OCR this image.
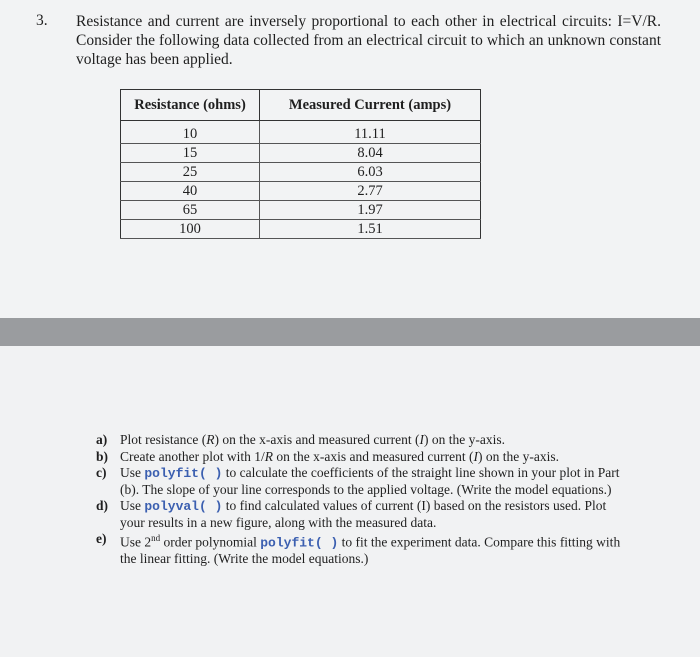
3. Resistance and current are inversely proportional to each other in electrical circuits: I=V/R. Consider the following data collected from an electrical circuit to which an unknown constant voltage has been applied.
Resistance (ohms)	Measured Current (amps)
10	11.11
15	8.04
25	6.03
40	2.77
65	1.97
100	1.51
a) Plot resistance (R) on the x-axis and measured current (I) on the y-axis.
b) Create another plot with 1/R on the x-axis and measured current (I) on the y-axis.
c)	Use polyfit( ) to calculate the coefficients of the straight line shown in your plot in Part (b). The slope of your line corresponds to the applied voltage. (Write the model equations.)
d) Use polyval( ) to find calculated values of current (I) based on the resistors used. Plot your results in a new figure, along with the measured data.
e)	Use 2nd order polynomial polyfit( ) to fit the experiment data. Compare this fitting with the linear fitting. (Write the model equations.)
